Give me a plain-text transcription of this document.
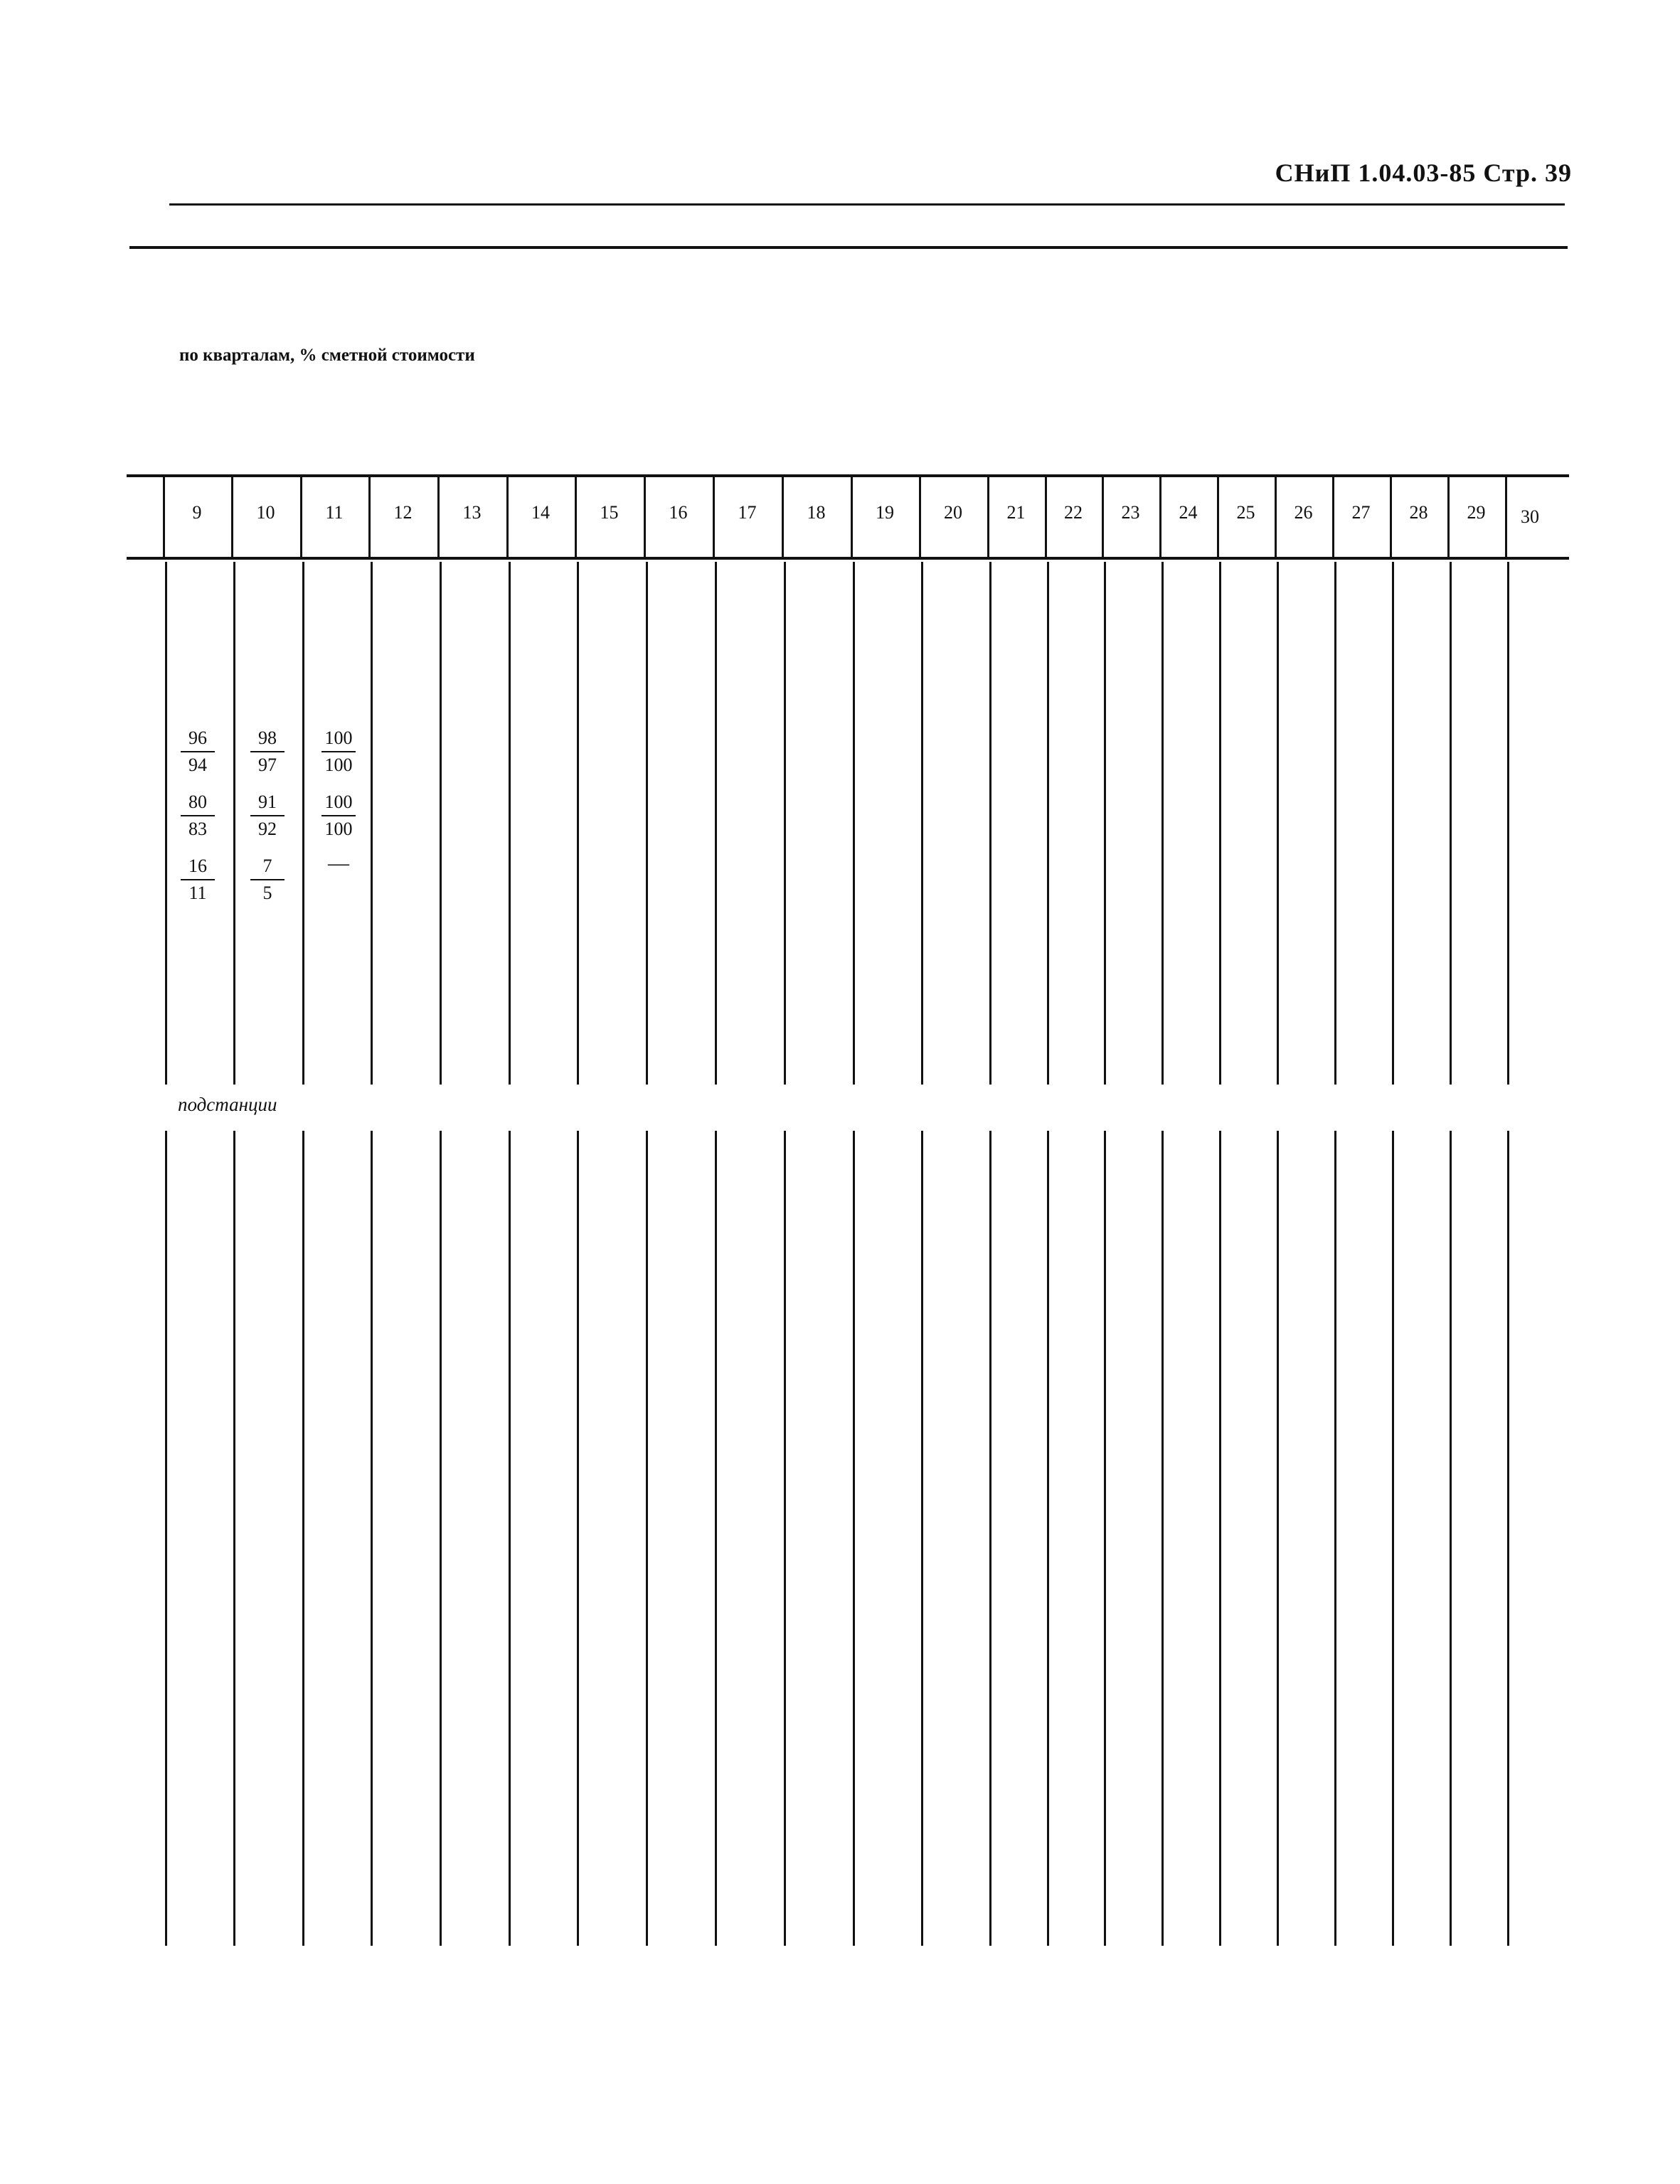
СНиП 1.04.03-85 Стр. 39
по кварталам, % сметной стоимости
9	10	11	12	13	14	15	16	17	18	19	20	21	22	23	24	25	26	27	28	29	30
$\frac{96}{94} \frac{98}{97} \frac{100}{100}$
$\frac{80}{83} \frac{91}{92} \frac{100}{100}$
$\frac{16}{11} \frac{7}{5}$	—
подстанции
